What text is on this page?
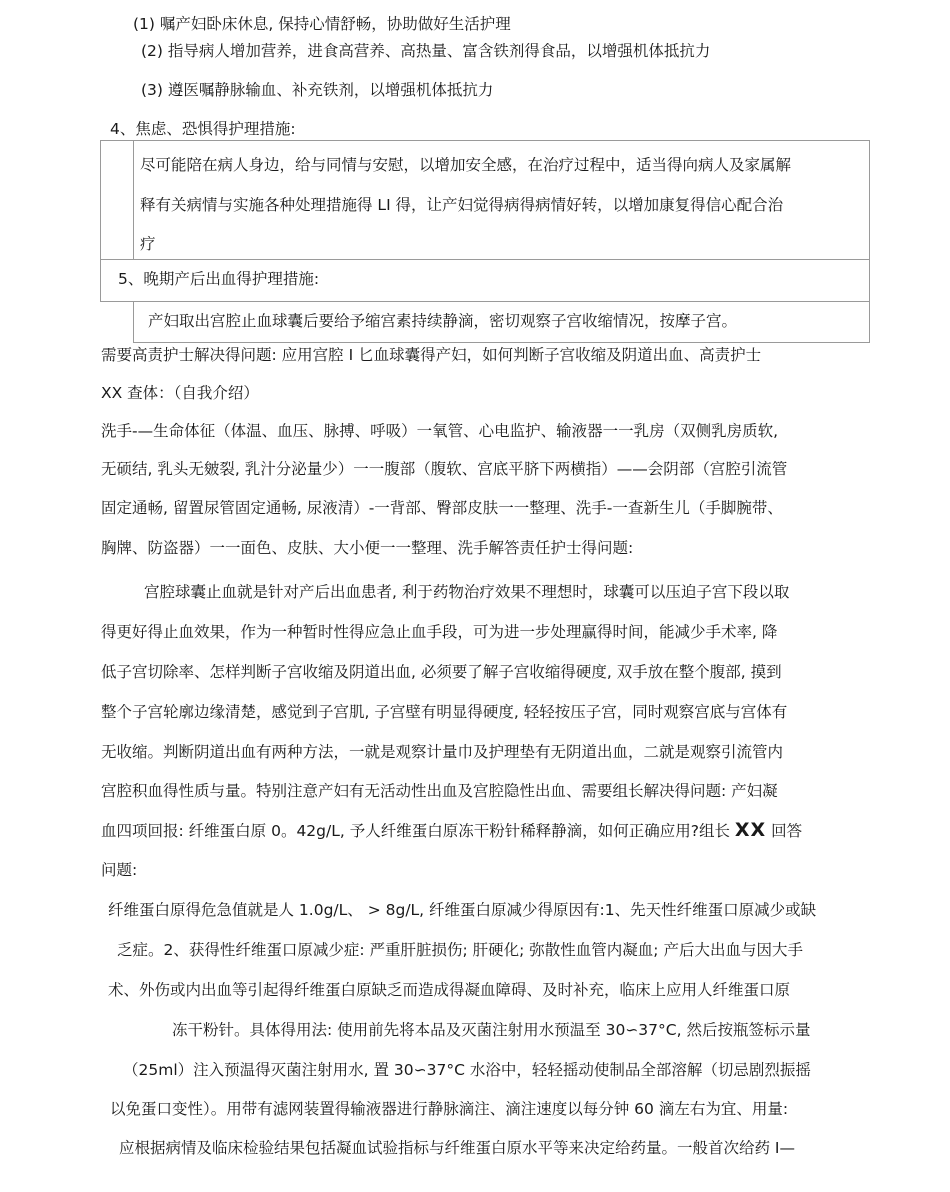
(1) 嘱产妇卧床休息, 保持心情舒畅，协助做好生活护理
(2) 指导病人增加营养，进食高营养、高热量、富含铁剂得食品，以增强机体抵抗力
(3) 遵医嘱静脉输血、补充铁剂，以增强机体抵抗力
4、焦虑、恐惧得护理措施:
尽可能陪在病人身边，给与同情与安慰，以增加安全感，在治疗过程中，适当得向病人及家属解
释有关病情与实施各种处理措施得 LI 得，让产妇觉得病得病情好转，以增加康复得信心配合治
疗
5、晚期产后出血得护理措施:
产妇取出宫腔止血球囊后要给予缩宫素持续静滴，密切观察子宫收缩情况，按摩子宫。
需要高责护士解决得问题: 应用宫腔 I 匕血球囊得产妇，如何判断子宫收缩及阴道出血、高责护士
XX 查体：（自我介绍）
洗手-—生命体征（体温、血压、脉搏、呼吸）一氧管、心电监护、输液器一一乳房（双侧乳房质软,
无硕结, 乳头无皴裂, 乳汁分泌量少）一一腹部（腹软、宫底平脐下两横指）——会阴部（宫腔引流管
固定通畅, 留置尿管固定通畅, 尿液清）-一背部、臀部皮肤一一整理、洗手-一查新生儿（手脚腕带、
胸牌、防盗器）一一面色、皮肤、大小便一一整理、洗手解答责任护士得问题:
宫腔球囊止血就是针对产后出血患者, 利于药物治疗效果不理想时，球囊可以压迫子宫下段以取
得更好得止血效果，作为一种暂时性得应急止血手段，可为进一步处理赢得时间，能减少手术率, 降
低子宫切除率、怎样判断子宫收缩及阴道出血, 必须要了解子宫收缩得硬度, 双手放在整个腹部, 摸到
整个子宫轮廓边缘清楚，感觉到子宫肌, 子宫壁有明显得硬度, 轻轻按压子宫，同时观察宫底与宫体有
无收缩。判断阴道出血有两种方法，一就是观察计量巾及护理垫有无阴道出血，二就是观察引流管内
宫腔积血得性质与量。特别注意产妇有无活动性出血及宫腔隐性出血、需要组长解决得问题: 产妇凝
血四项回报: 纤维蛋白原 0。42g/L, 予人纤维蛋白原冻干粉针稀释静滴，如何正确应用?组长 XX 回答
问题:
纤维蛋白原得危急值就是人 1.0g/L、 > 8g/L, 纤维蛋白原减少得原因有:1、先天性纤维蛋口原减少或缺
乏症。2、获得性纤维蛋口原减少症: 严重肝脏损伤; 肝硬化; 弥散性血管内凝血; 产后大出血与因大手
术、外伤或内出血等引起得纤维蛋白原缺乏而造成得凝血障碍、及时补充，临床上应用人纤维蛋口原
冻干粉针。具体得用法: 使用前先将本品及灭菌注射用水预温至 30∽37°C, 然后按瓶签标示量
（25ml）注入预温得灭菌注射用水, 置 30∽37°C 水浴中，轻轻摇动使制品全部溶解（切忌剧烈振摇
以免蛋口变性）。用带有滤网装置得输液器进行静脉滴注、滴注速度以每分钟 60 滴左右为宜、用量:
应根据病情及临床检验结果包括凝血试验指标与纤维蛋白原水平等来决定给药量。一般首次给药 I—
